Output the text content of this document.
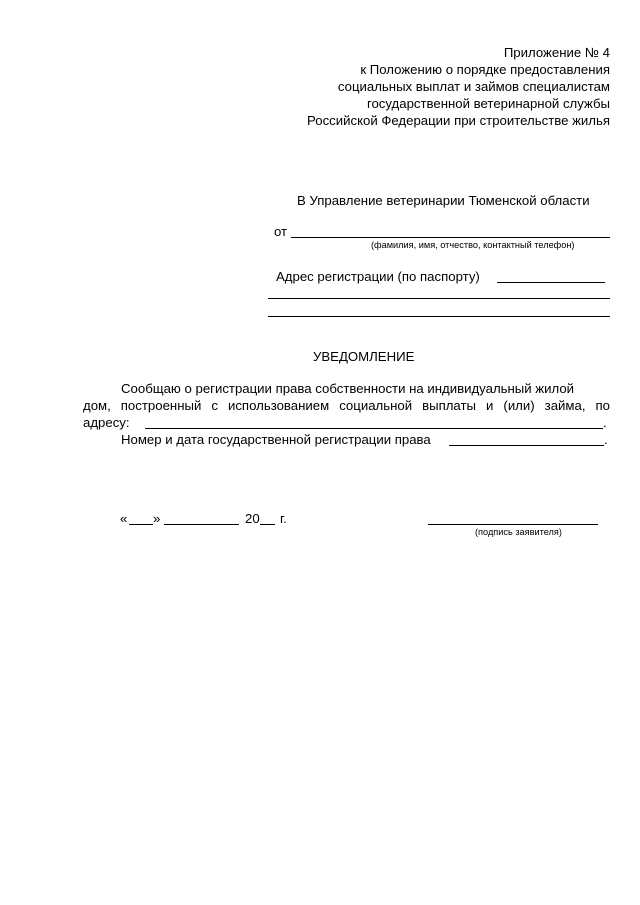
Приложение № 4
к Положению о порядке предоставления
социальных выплат и займов специалистам
государственной ветеринарной службы
Российской Федерации при строительстве жилья
В Управление ветеринарии Тюменской области
от
(фамилия, имя, отчество, контактный телефон)
Адрес регистрации (по паспорту)
УВЕДОМЛЕНИЕ
Сообщаю о регистрации права собственности на индивидуальный жилой
дом, построенный с использованием социальной выплаты и (или) займа, по
адресу:	.
Номер и дата государственной регистрации права	.
« »	20 г.
(подпись заявителя)
